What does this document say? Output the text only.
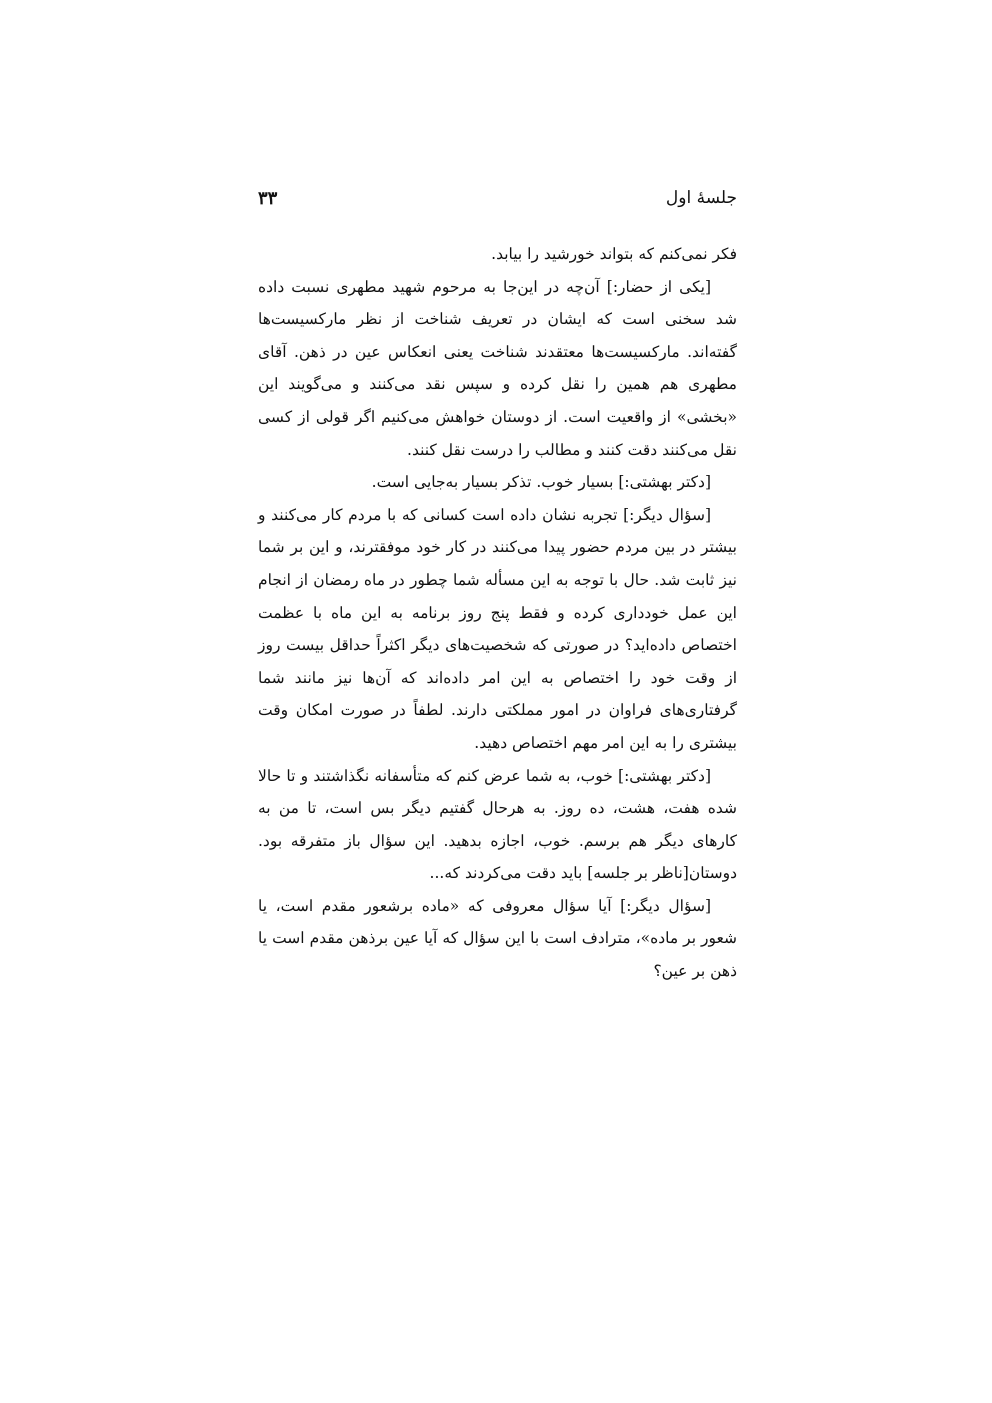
جلسهٔ اول
۳۳

فکر نمی‌کنم که بتواند خورشید را بیابد.

[یکی از حضار:] آن‌چه در این‌جا به مرحوم شهید مطهری نسبت داده شد سخنی است که ایشان در تعریف شناخت از نظر مارکسیست‌ها گفته‌اند. مارکسیست‌ها معتقدند شناخت یعنی انعکاس عین در ذهن. آقای مطهری هم همین را نقل کرده و سپس نقد می‌کنند و می‌گویند این «بخشی» از واقعیت است. از دوستان خواهش می‌کنیم اگر قولی از کسی نقل می‌کنند دقت کنند و مطالب را درست نقل کنند.

[دکتر بهشتی:] بسیار خوب. تذکر بسیار به‌جایی است.

[سؤال دیگر:] تجربه نشان داده است کسانی که با مردم کار می‌کنند و بیشتر در بین مردم حضور پیدا می‌کنند در کار خود موفقترند، و این بر شما نیز ثابت شد. حال با توجه به این مسأله شما چطور در ماه رمضان از انجام این عمل خودداری کرده و فقط پنج روز برنامه به این ماه با عظمت اختصاص داده‌اید؟ در صورتی که شخصیت‌های دیگر اکثراً حداقل بیست روز از وقت خود را اختصاص به این امر داده‌اند که آن‌ها نیز مانند شما گرفتاری‌های فراوان در امور مملکتی دارند. لطفاً در صورت امکان وقت بیشتری را به این امر مهم اختصاص دهید.

[دکتر بهشتی:] خوب، به شما عرض کنم که متأسفانه نگذاشتند و تا حالا شده هفت، هشت، ده روز. به هرحال گفتیم دیگر بس است، تا من به کارهای دیگر هم برسم. خوب، اجازه بدهید. این سؤال باز متفرقه بود. دوستان[ناظر بر جلسه] باید دقت می‌کردند که...

[سؤال دیگر:] آیا سؤال معروفی که «ماده برشعور مقدم است، یا شعور بر ماده»، مترادف است با این سؤال که آیا عین برذهن مقدم است یا ذهن بر عین؟
